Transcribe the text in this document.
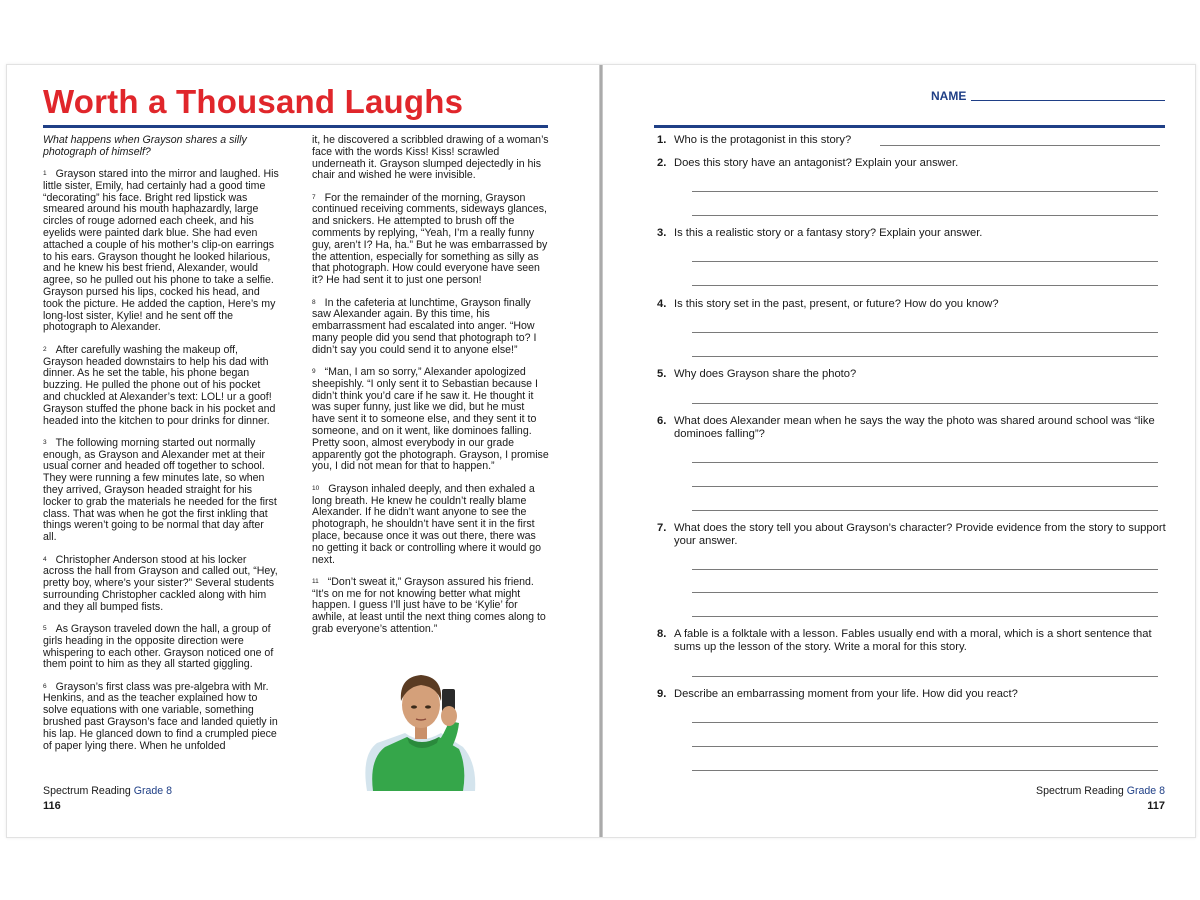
Worth a Thousand Laughs

What happens when Grayson shares a silly photograph of himself?

$^1$ Grayson stared into the mirror and laughed. His little sister, Emily, had certainly had a good time “decorating” his face. Bright red lipstick was smeared around his mouth haphazardly, large circles of rouge adorned each cheek, and his eyelids were painted dark blue. She had even attached a couple of his mother’s clip-on earrings to his ears. Grayson thought he looked hilarious, and he knew his best friend, Alexander, would agree, so he pulled out his phone to take a selfie. Grayson pursed his lips, cocked his head, and took the picture. He added the caption, Here’s my long-lost sister, Kylie! and he sent off the photograph to Alexander.

$^2$ After carefully washing the makeup off, Grayson headed downstairs to help his dad with dinner. As he set the table, his phone began buzzing. He pulled the phone out of his pocket and chuckled at Alexander’s text: LOL! ur a goof! Grayson stuffed the phone back in his pocket and headed into the kitchen to pour drinks for dinner.

$^3$ The following morning started out normally enough, as Grayson and Alexander met at their usual corner and headed off together to school. They were running a few minutes late, so when they arrived, Grayson headed straight for his locker to grab the materials he needed for the first class. That was when he got the first inkling that things weren’t going to be normal that day after all.

$^4$ Christopher Anderson stood at his locker across the hall from Grayson and called out, “Hey, pretty boy, where’s your sister?” Several students surrounding Christopher cackled along with him and they all bumped fists.

$^5$ As Grayson traveled down the hall, a group of girls heading in the opposite direction were whispering to each other. Grayson noticed one of them point to him as they all started giggling.

$^6$ Grayson’s first class was pre-algebra with Mr. Henkins, and as the teacher explained how to solve equations with one variable, something brushed past Grayson’s face and landed quietly in his lap. He glanced down to find a crumpled piece of paper lying there. When he unfolded

it, he discovered a scribbled drawing of a woman’s face with the words Kiss! Kiss! scrawled underneath it. Grayson slumped dejectedly in his chair and wished he were invisible.

$^7$ For the remainder of the morning, Grayson continued receiving comments, sideways glances, and snickers. He attempted to brush off the comments by replying, “Yeah, I’m a really funny guy, aren’t I? Ha, ha.” But he was embarrassed by the attention, especially for something as silly as that photograph. How could everyone have seen it? He had sent it to just one person!

$^8$ In the cafeteria at lunchtime, Grayson finally saw Alexander again. By this time, his embarrassment had escalated into anger. “How many people did you send that photograph to? I didn’t say you could send it to anyone else!”

$^9$ “Man, I am so sorry,” Alexander apologized sheepishly. “I only sent it to Sebastian because I didn’t think you’d care if he saw it. He thought it was super funny, just like we did, but he must have sent it to someone else, and they sent it to someone, and on it went, like dominoes falling. Pretty soon, almost everybody in our grade apparently got the photograph. Grayson, I promise you, I did not mean for that to happen.”

$^{10}$ Grayson inhaled deeply, and then exhaled a long breath. He knew he couldn’t really blame Alexander. If he didn’t want anyone to see the photograph, he shouldn’t have sent it in the first place, because once it was out there, there was no getting it back or controlling where it would go next.

$^{11}$ “Don’t sweat it,” Grayson assured his friend. “It’s on me for not knowing better what might happen. I guess I’ll just have to be ‘Kylie’ for awhile, at least until the next thing comes along to grab everyone’s attention.”

Spectrum Reading Grade 8
116
NAME
1. Who is the protagonist in this story?
2. Does this story have an antagonist? Explain your answer.
3. Is this a realistic story or a fantasy story? Explain your answer.
4. Is this story set in the past, present, or future? How do you know?
5. Why does Grayson share the photo?
6. What does Alexander mean when he says the way the photo was shared around school was “like dominoes falling”?
7. What does the story tell you about Grayson’s character? Provide evidence from the story to support your answer.
8. A fable is a folktale with a lesson. Fables usually end with a moral, which is a short sentence that sums up the lesson of the story. Write a moral for this story.
9. Describe an embarrassing moment from your life. How did you react?
Spectrum Reading Grade 8
117
